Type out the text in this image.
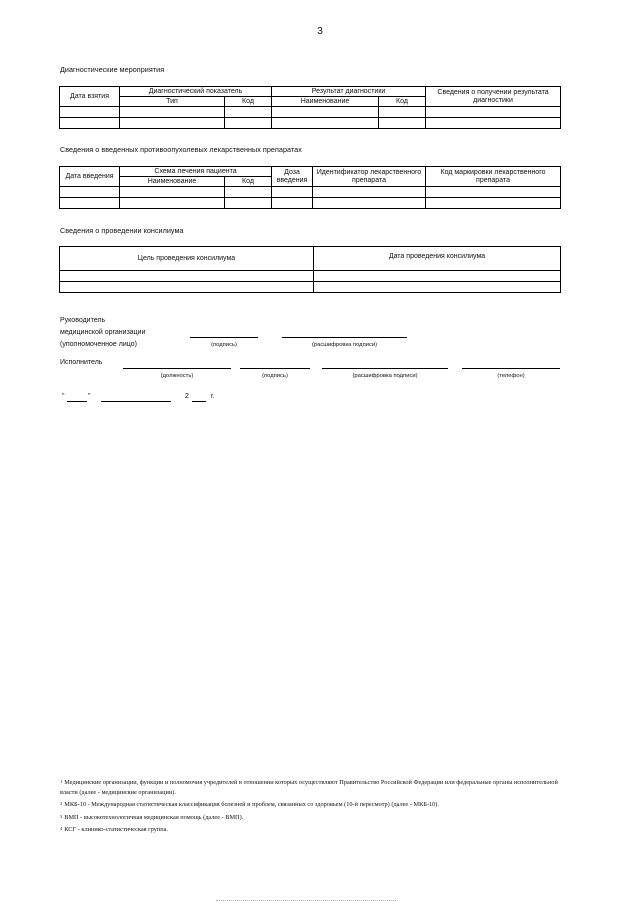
3
Диагностические мероприятия
Дата взятия	Диагностический показатель		Результат диагностики		Сведения о получении результата диагностики
	Тип	Код	Наименование	Код	

Сведения о введенных противоопухолевых лекарственных препаратах
Дата введения	Схема лечения пациента		Доза введения	Идентификатор лекарственного препарата	Код маркировки лекарственного препарата
	Наименование	Код			

Сведения о проведении консилиума
Цель проведения консилиума	Дата проведения консилиума

Руководитель
медицинской организации
(уполномоченное лицо)	(подпись)	(расшифровка подписи)
Исполнитель
(должность)	(подпись)	(расшифровка подписи)	(телефон)
"	"	2	г.

$^1$ Медицинские организации, функции и полномочия учредителей в отношении которых осуществляют Правительство Российской Федерации или федеральные органы исполнительной власти (далее - медицинские организации).

$^2$ МКБ-10 - Международная статистическая классификация болезней и проблем, связанных со здоровьем (10-й пересмотр) (далее - МКБ-10).

$^3$ ВМП - высокотехнологичная медицинская помощь (далее - ВМП).

$^4$ КСГ - клинико-статистическая группа.
